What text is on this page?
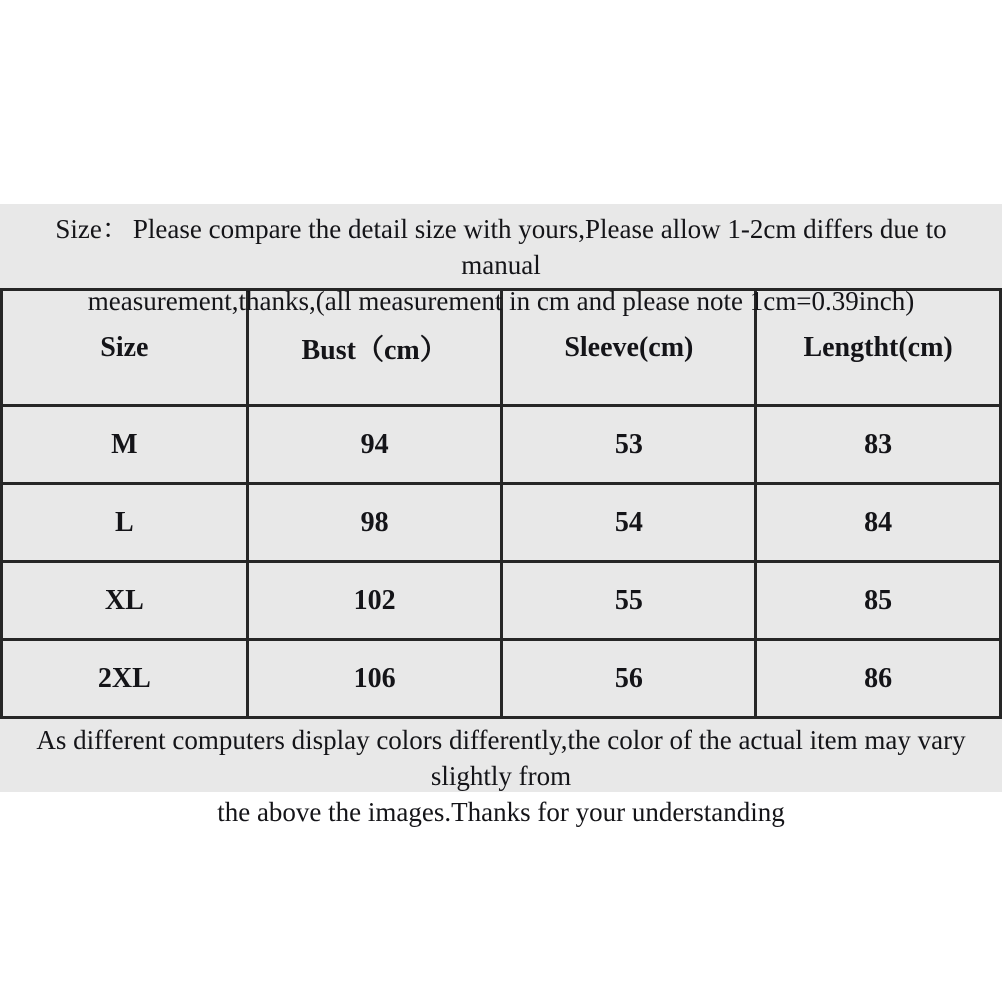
Size： Please compare the detail size with yours,Please allow 1-2cm differs due to manual
measurement,thanks,(all measurement in cm and please note 1cm=0.39inch)
Size	Bust（cm）	Sleeve(cm)	Lengtht(cm)
M	94	53	83
L	98	54	84
XL	102	55	85
2XL	106	56	86
As different computers display colors differently,the color of the actual item may vary slightly from
the above the images.Thanks for your understanding
